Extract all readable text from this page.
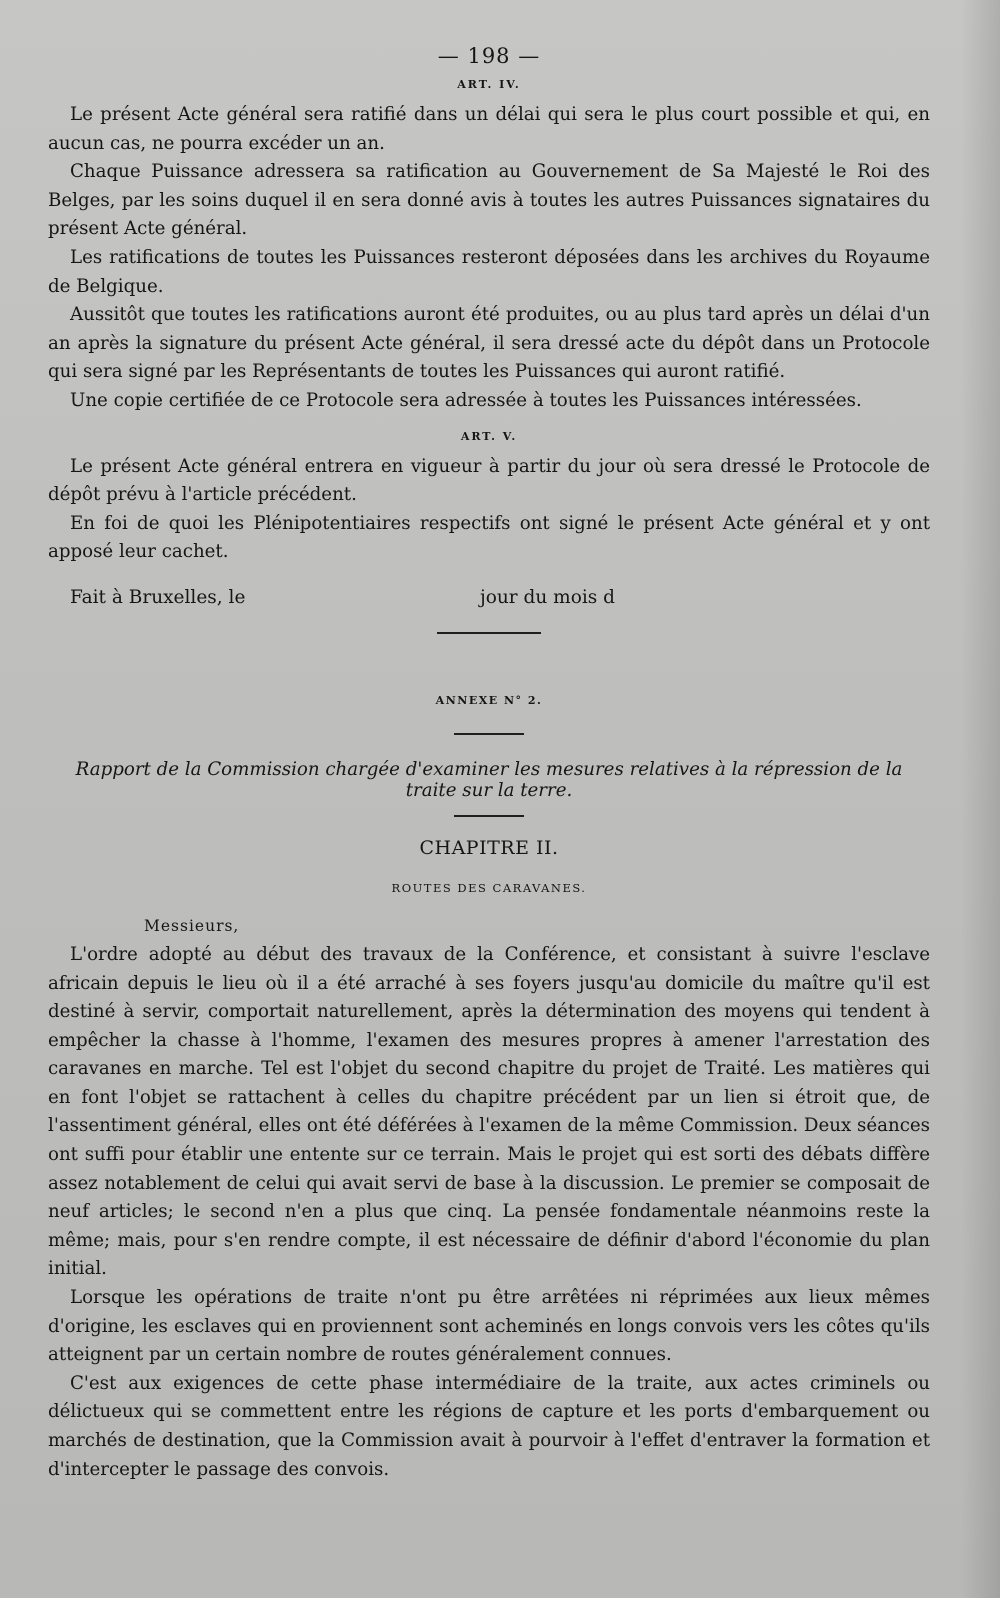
— 198 —
ART. IV.

Le présent Acte général sera ratifié dans un délai qui sera le plus court possible et qui, en aucun cas, ne pourra excéder un an.

Chaque Puissance adressera sa ratification au Gouvernement de Sa Majesté le Roi des Belges, par les soins duquel il en sera donné avis à toutes les autres Puissances signataires du présent Acte général.

Les ratifications de toutes les Puissances resteront déposées dans les archives du Royaume de Belgique.

Aussitôt que toutes les ratifications auront été produites, ou au plus tard après un délai d'un an après la signature du présent Acte général, il sera dressé acte du dépôt dans un Protocole qui sera signé par les Représentants de toutes les Puissances qui auront ratifié.

Une copie certifiée de ce Protocole sera adressée à toutes les Puissances intéressées.

ART. V.

Le présent Acte général entrera en vigueur à partir du jour où sera dressé le Protocole de dépôt prévu à l'article précédent.

En foi de quoi les Plénipotentiaires respectifs ont signé le présent Acte général et y ont apposé leur cachet.

Fait à Bruxelles, le	jour du mois d
ANNEXE N° 2.
Rapport de la Commission chargée d'examiner les mesures relatives à la répression de la traite sur la terre.
CHAPITRE II.
ROUTES DES CARAVANES.
Messieurs,

L'ordre adopté au début des travaux de la Conférence, et consistant à suivre l'esclave africain depuis le lieu où il a été arraché à ses foyers jusqu'au domicile du maître qu'il est destiné à servir, comportait naturellement, après la détermination des moyens qui tendent à empêcher la chasse à l'homme, l'examen des mesures propres à amener l'arrestation des caravanes en marche. Tel est l'objet du second chapitre du projet de Traité. Les matières qui en font l'objet se rattachent à celles du chapitre précédent par un lien si étroit que, de l'assentiment général, elles ont été déférées à l'examen de la même Commission. Deux séances ont suffi pour établir une entente sur ce terrain. Mais le projet qui est sorti des débats diffère assez notablement de celui qui avait servi de base à la discussion. Le premier se composait de neuf articles; le second n'en a plus que cinq. La pensée fondamentale néanmoins reste la même; mais, pour s'en rendre compte, il est nécessaire de définir d'abord l'économie du plan initial.

Lorsque les opérations de traite n'ont pu être arrêtées ni réprimées aux lieux mêmes d'origine, les esclaves qui en proviennent sont acheminés en longs convois vers les côtes qu'ils atteignent par un certain nombre de routes généralement connues.

C'est aux exigences de cette phase intermédiaire de la traite, aux actes criminels ou délictueux qui se commettent entre les régions de capture et les ports d'embarquement ou marchés de destination, que la Commission avait à pourvoir à l'effet d'entraver la formation et d'intercepter le passage des convois.
